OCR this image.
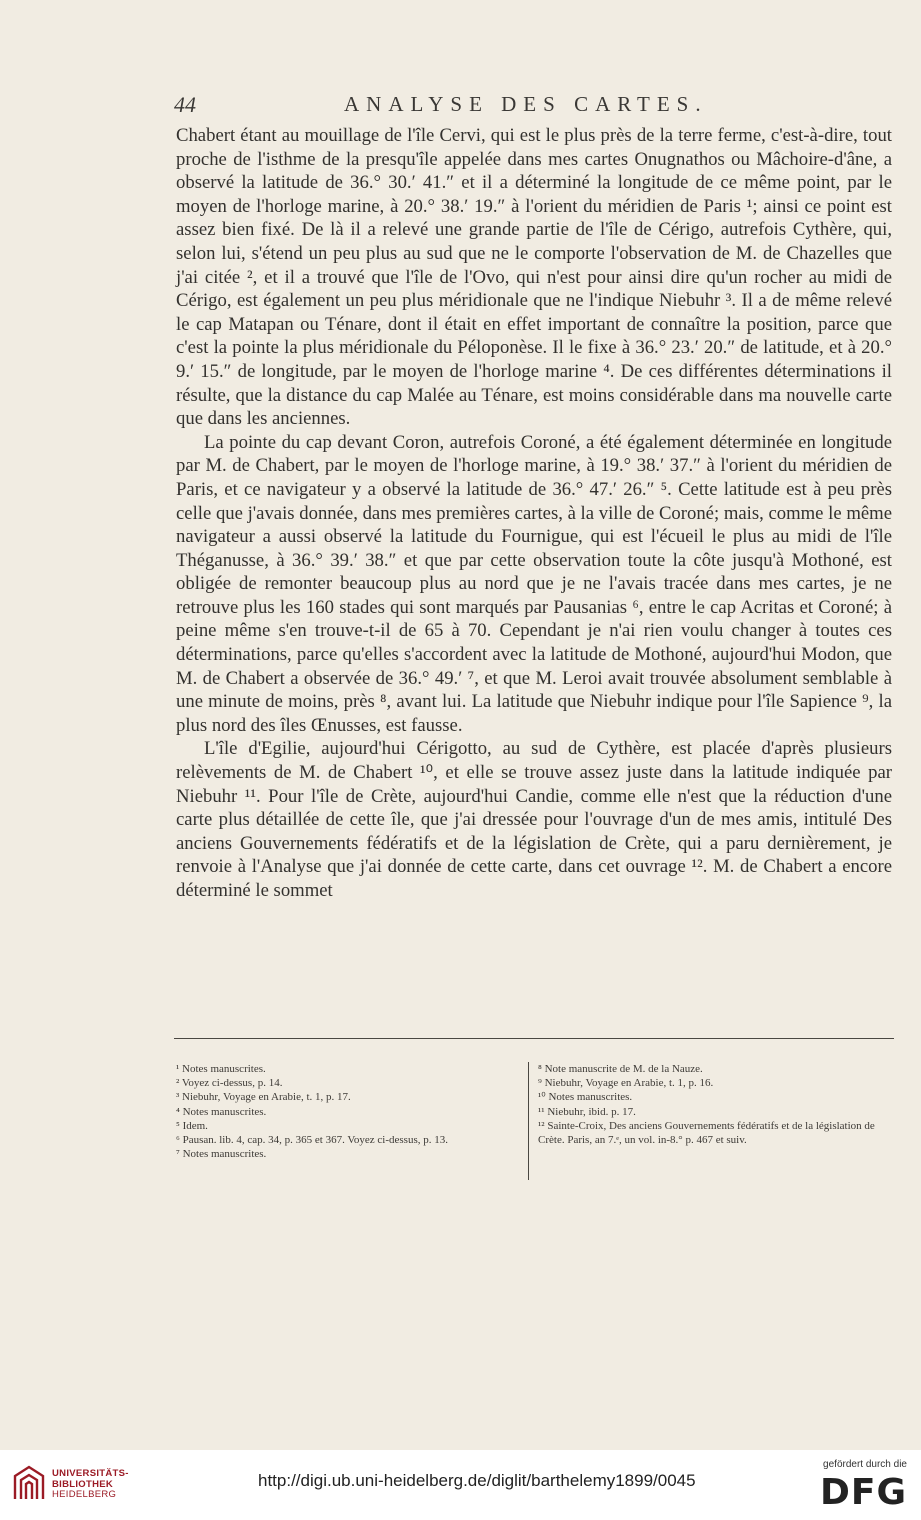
44	ANALYSE DES CARTES.

Chabert étant au mouillage de l'île Cervi, qui est le plus près de la terre ferme, c'est-à-dire, tout proche de l'isthme de la presqu'île appelée dans mes cartes Onugnathos ou Mâchoire-d'âne, a observé la latitude de 36.° 30.′ 41.″ et il a déterminé la longitude de ce même point, par le moyen de l'horloge marine, à 20.° 38.′ 19.″ à l'orient du méridien de Paris ¹; ainsi ce point est assez bien fixé. De là il a relevé une grande partie de l'île de Cérigo, autrefois Cythère, qui, selon lui, s'étend un peu plus au sud que ne le comporte l'observation de M. de Chazelles que j'ai citée ², et il a trouvé que l'île de l'Ovo, qui n'est pour ainsi dire qu'un rocher au midi de Cérigo, est également un peu plus méridionale que ne l'indique Niebuhr ³. Il a de même relevé le cap Matapan ou Ténare, dont il était en effet important de connaître la position, parce que c'est la pointe la plus méridionale du Péloponèse. Il le fixe à 36.° 23.′ 20.″ de latitude, et à 20.° 9.′ 15.″ de longitude, par le moyen de l'horloge marine ⁴. De ces différentes déterminations il résulte, que la distance du cap Malée au Ténare, est moins considérable dans ma nouvelle carte que dans les anciennes.

La pointe du cap devant Coron, autrefois Coroné, a été également déterminée en longitude par M. de Chabert, par le moyen de l'horloge marine, à 19.° 38.′ 37.″ à l'orient du méridien de Paris, et ce navigateur y a observé la latitude de 36.° 47.′ 26.″ ⁵. Cette latitude est à peu près celle que j'avais donnée, dans mes premières cartes, à la ville de Coroné; mais, comme le même navigateur a aussi observé la latitude du Fournigue, qui est l'écueil le plus au midi de l'île Théganusse, à 36.° 39.′ 38.″ et que par cette observation toute la côte jusqu'à Mothoné, est obligée de remonter beaucoup plus au nord que je ne l'avais tracée dans mes cartes, je ne retrouve plus les 160 stades qui sont marqués par Pausanias ⁶, entre le cap Acritas et Coroné; à peine même s'en trouve-t-il de 65 à 70. Cependant je n'ai rien voulu changer à toutes ces déterminations, parce qu'elles s'accordent avec la latitude de Mothoné, aujourd'hui Modon, que M. de Chabert a observée de 36.° 49.′ ⁷, et que M. Leroi avait trouvée absolument semblable à une minute de moins, près ⁸, avant lui. La latitude que Niebuhr indique pour l'île Sapience ⁹, la plus nord des îles Œnusses, est fausse.

L'île d'Egilie, aujourd'hui Cérigotto, au sud de Cythère, est placée d'après plusieurs relèvements de M. de Chabert ¹⁰, et elle se trouve assez juste dans la latitude indiquée par Niebuhr ¹¹. Pour l'île de Crète, aujourd'hui Candie, comme elle n'est que la réduction d'une carte plus détaillée de cette île, que j'ai dressée pour l'ouvrage d'un de mes amis, intitulé Des anciens Gouvernements fédératifs et de la législation de Crète, qui a paru dernièrement, je renvoie à l'Analyse que j'ai donnée de cette carte, dans cet ouvrage ¹². M. de Chabert a encore déterminé le sommet

¹ Notes manuscrites.
² Voyez ci-dessus, p. 14.
³ Niebuhr, Voyage en Arabie, t. 1, p. 17.
⁴ Notes manuscrites.
⁵ Idem.
⁶ Pausan. lib. 4, cap. 34, p. 365 et 367. Voyez ci-dessus, p. 13.
⁷ Notes manuscrites.
⁸ Note manuscrite de M. de la Nauze.
⁹ Niebuhr, Voyage en Arabie, t. 1, p. 16.
¹⁰ Notes manuscrites.
¹¹ Niebuhr, ibid. p. 17.
¹² Sainte-Croix, Des anciens Gouvernements fédératifs et de la législation de Crète. Paris, an 7.ᵉ, un vol. in-8.° p. 467 et suiv.
UNIVERSITÄTS-
BIBLIOTHEK
HEIDELBERG
http://digi.ub.uni-heidelberg.de/diglit/barthelemy1899/0045
gefördert durch die
DFG
